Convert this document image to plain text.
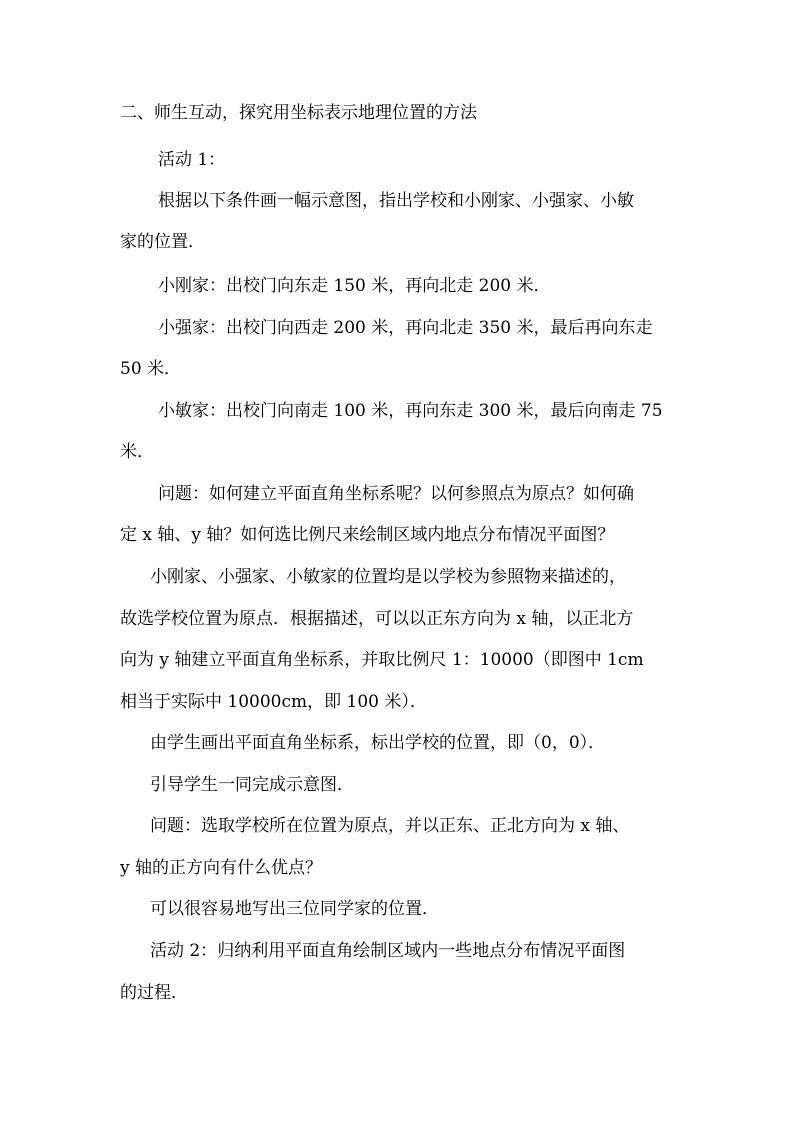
二、师生互动，探究用坐标表示地理位置的方法
活动 1：
根据以下条件画一幅示意图，指出学校和小刚家、小强家、小敏
家的位置．
小刚家：出校门向东走 150 米，再向北走 200 米．
小强家：出校门向西走 200 米，再向北走 350 米，最后再向东走
50 米．
小敏家：出校门向南走 100 米，再向东走 300 米，最后向南走 75
米．
问题：如何建立平面直角坐标系呢？以何参照点为原点？如何确
定 x 轴、y 轴？如何选比例尺来绘制区域内地点分布情况平面图？
小刚家、小强家、小敏家的位置均是以学校为参照物来描述的，
故选学校位置为原点．根据描述，可以以正东方向为 x 轴，以正北方
向为 y 轴建立平面直角坐标系，并取比例尺 1：10000（即图中 1cm
相当于实际中 10000cm，即 100 米）．
由学生画出平面直角坐标系，标出学校的位置，即（0，0）．
引导学生一同完成示意图．
问题：选取学校所在位置为原点，并以正东、正北方向为 x 轴、
y 轴的正方向有什么优点？
可以很容易地写出三位同学家的位置．
活动 2：归纳利用平面直角绘制区域内一些地点分布情况平面图
的过程．
